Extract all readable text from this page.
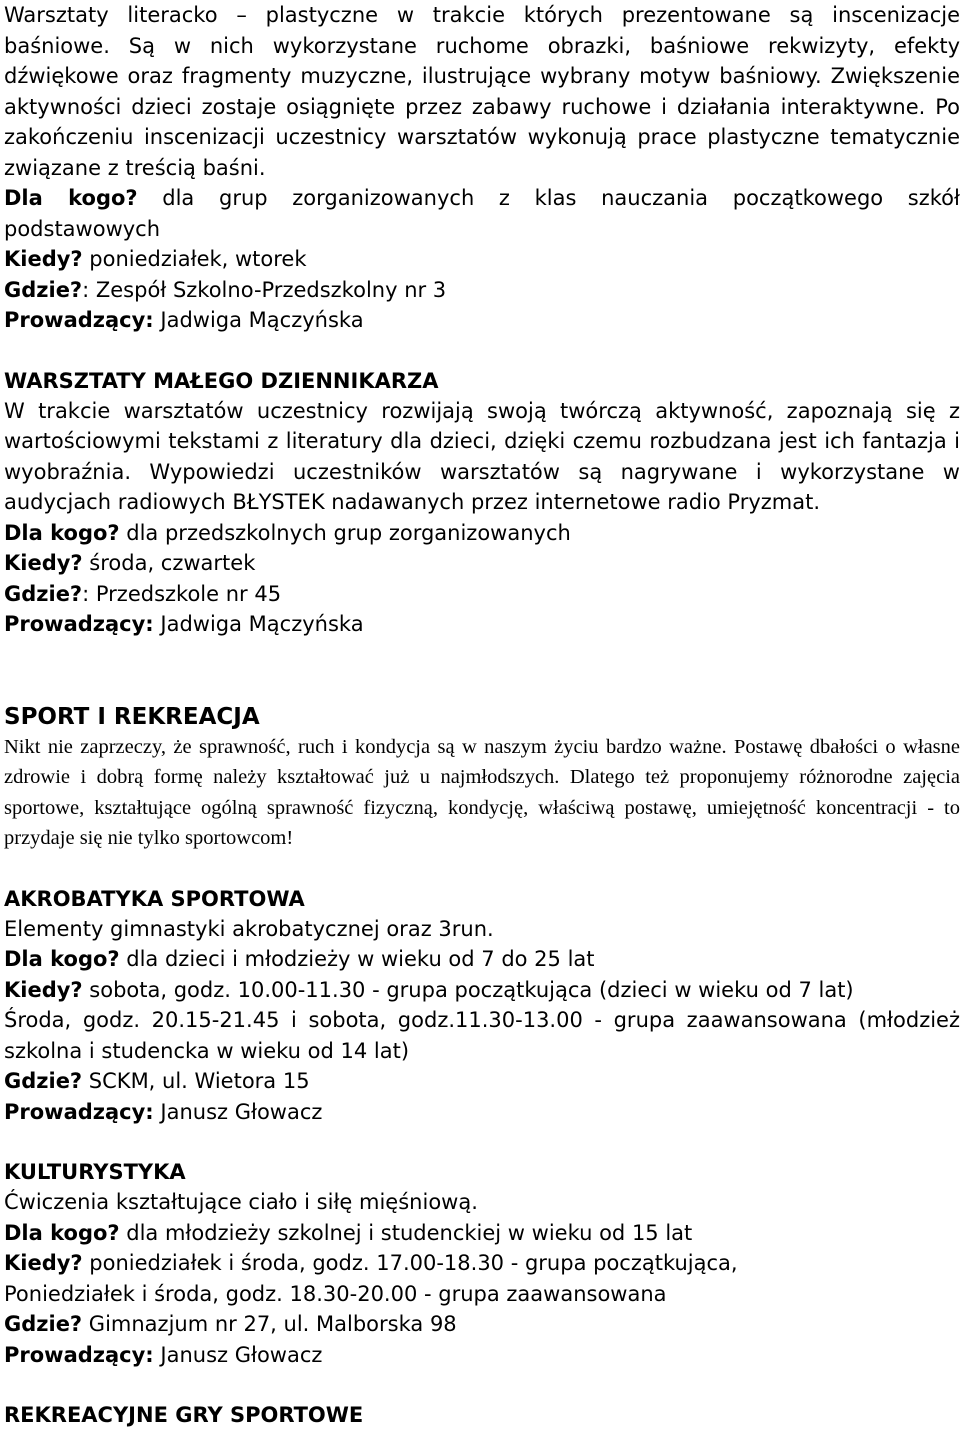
Warsztaty literacko – plastyczne w trakcie których prezentowane są inscenizacje baśniowe. Są w nich wykorzystane ruchome obrazki, baśniowe rekwizyty, efekty dźwiękowe oraz fragmenty muzyczne, ilustrujące wybrany motyw baśniowy. Zwiększenie aktywności dzieci zostaje osiągnięte przez zabawy ruchowe i działania interaktywne. Po zakończeniu inscenizacji uczestnicy warsztatów wykonują prace plastyczne tematycznie związane z treścią baśni.

Dla kogo? dla grup zorganizowanych z klas nauczania początkowego szkół podstawowych

Kiedy? poniedziałek, wtorek

Gdzie?: Zespół Szkolno-Przedszkolny nr 3

Prowadzący: Jadwiga Mączyńska

WARSZTATY MAŁEGO DZIENNIKARZA

W trakcie warsztatów uczestnicy rozwijają swoją twórczą aktywność, zapoznają się z wartościowymi tekstami z literatury dla dzieci, dzięki czemu rozbudzana jest ich fantazja i wyobraźnia. Wypowiedzi uczestników warsztatów są nagrywane i wykorzystane w audycjach radiowych BŁYSTEK nadawanych przez internetowe radio Pryzmat.

Dla kogo? dla przedszkolnych grup zorganizowanych

Kiedy? środa, czwartek

Gdzie?: Przedszkole nr 45

Prowadzący: Jadwiga Mączyńska

SPORT I REKREACJA

Nikt nie zaprzeczy, że sprawność, ruch i kondycja są w naszym życiu bardzo ważne. Postawę dbałości o własne zdrowie i dobrą formę należy kształtować już u najmłodszych. Dlatego też proponujemy różnorodne zajęcia sportowe, kształtujące ogólną sprawność fizyczną, kondycję, właściwą postawę, umiejętność koncentracji - to przydaje się nie tylko sportowcom!

AKROBATYKA SPORTOWA

Elementy gimnastyki akrobatycznej oraz 3run.

Dla kogo? dla dzieci i młodzieży w wieku od 7 do 25 lat

Kiedy? sobota, godz. 10.00-11.30 - grupa początkująca (dzieci w wieku od 7 lat)

Środa, godz. 20.15-21.45 i sobota, godz.11.30-13.00 - grupa zaawansowana (młodzież szkolna i studencka w wieku od 14 lat)

Gdzie? SCKM, ul. Wietora 15

Prowadzący: Janusz Głowacz

KULTURYSTYKA

Ćwiczenia kształtujące ciało i siłę mięśniową.

Dla kogo? dla młodzieży szkolnej i studenckiej w wieku od 15 lat

Kiedy? poniedziałek i środa, godz. 17.00-18.30 - grupa początkująca,

Poniedziałek i środa, godz. 18.30-20.00 - grupa zaawansowana

Gdzie? Gimnazjum nr 27, ul. Malborska 98

Prowadzący: Janusz Głowacz

REKREACYJNE GRY SPORTOWE
